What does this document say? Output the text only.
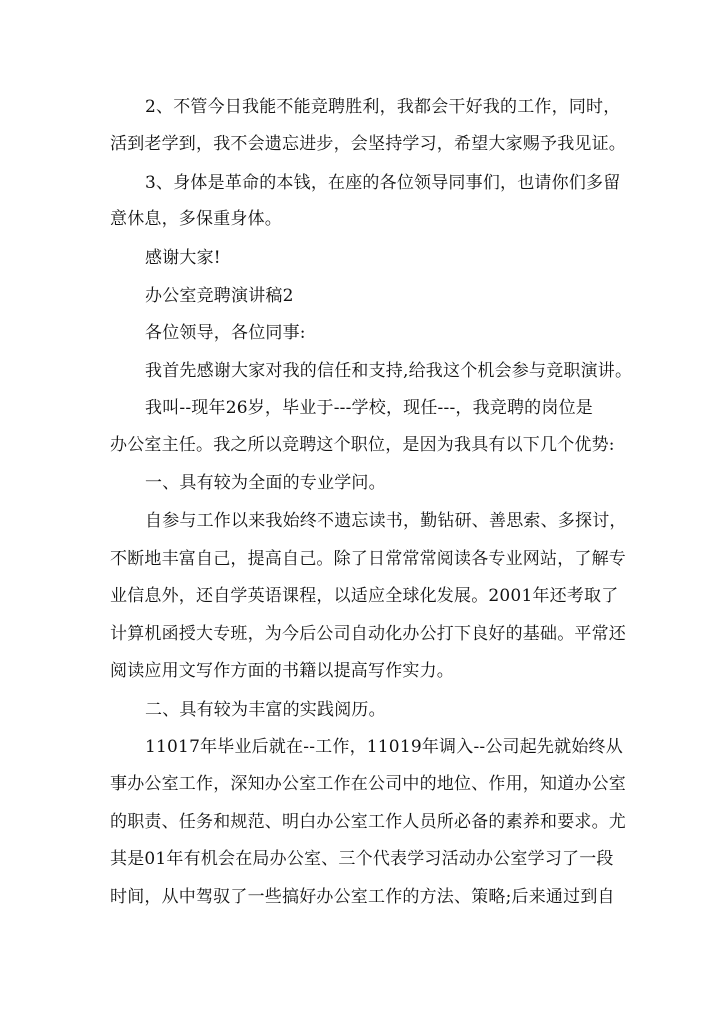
2、不管今日我能不能竞聘胜利，我都会干好我的工作，同时，
活到老学到，我不会遗忘进步，会坚持学习，希望大家赐予我见证。
3、身体是革命的本钱，在座的各位领导同事们，也请你们多留
意休息，多保重身体。
感谢大家!
办公室竞聘演讲稿2
各位领导，各位同事:
我首先感谢大家对我的信任和支持,给我这个机会参与竞职演讲。
我叫--现年26岁，毕业于---学校，现任---，我竞聘的岗位是
办公室主任。我之所以竞聘这个职位，是因为我具有以下几个优势:
一、具有较为全面的专业学问。
自参与工作以来我始终不遗忘读书，勤钻研、善思索、多探讨，
不断地丰富自己，提高自己。除了日常常常阅读各专业网站，了解专
业信息外，还自学英语课程，以适应全球化发展。2001年还考取了
计算机函授大专班，为今后公司自动化办公打下良好的基础。平常还
阅读应用文写作方面的书籍以提高写作实力。
二、具有较为丰富的实践阅历。
11017年毕业后就在--工作，11019年调入--公司起先就始终从
事办公室工作，深知办公室工作在公司中的地位、作用，知道办公室
的职责、任务和规范、明白办公室工作人员所必备的素养和要求。尤
其是01年有机会在局办公室、三个代表学习活动办公室学习了一段
时间，从中驾驭了一些搞好办公室工作的方法、策略;后来通过到自
